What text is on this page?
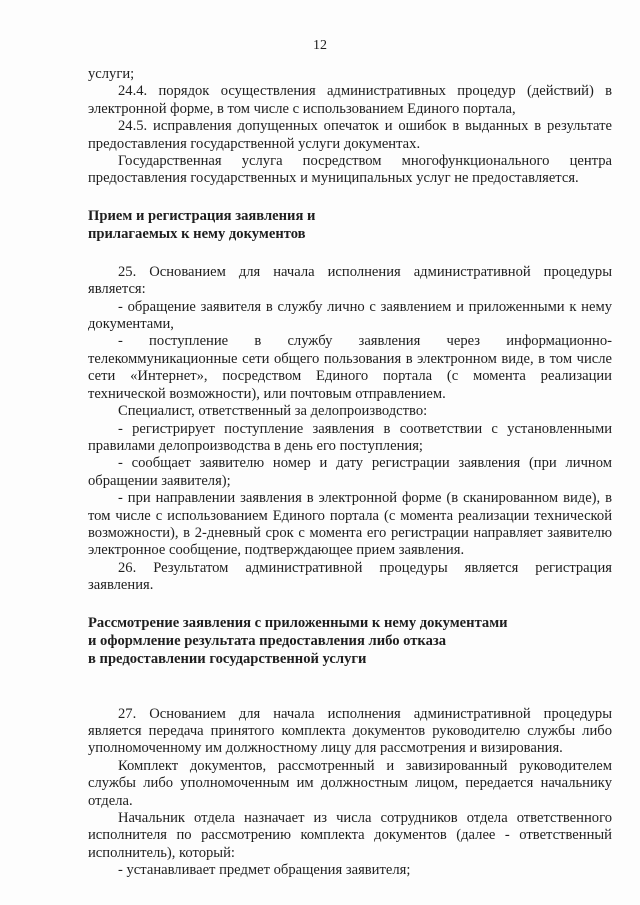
12

услуги;

24.4. порядок осуществления административных процедур (действий) в электронной форме, в том числе с использованием Единого портала,

24.5. исправления допущенных опечаток и ошибок в выданных в результате предоставления государственной услуги документах.

Государственная услуга посредством многофункционального центра предоставления государственных и муниципальных услуг не предоставляется.

Прием и регистрация заявления и

прилагаемых к нему документов

25. Основанием для начала исполнения административной процедуры является:

- обращение заявителя в службу лично с заявлением и приложенными к нему документами,

- поступление в службу заявления через информационно-телекоммуникационные сети общего пользования в электронном виде, в том числе сети «Интернет», посредством Единого портала (с момента реализации технической возможности), или почтовым отправлением.

Специалист, ответственный за делопроизводство:

- регистрирует поступление заявления в соответствии с установленными правилами делопроизводства в день его поступления;

- сообщает заявителю номер и дату регистрации заявления (при личном обращении заявителя);

- при направлении заявления в электронной форме (в сканированном виде), в том числе с использованием Единого портала (с момента реализации технической возможности), в 2-дневный срок с момента его регистрации направляет заявителю электронное сообщение, подтверждающее прием заявления.

26. Результатом административной процедуры является регистрация заявления.

Рассмотрение заявления с приложенными к нему документами

и оформление результата предоставления либо отказа

в предоставлении государственной услуги

27. Основанием для начала исполнения административной процедуры является передача принятого комплекта документов руководителю службы либо уполномоченному им должностному лицу для рассмотрения и визирования.

Комплект документов, рассмотренный и завизированный руководителем службы либо уполномоченным им должностным лицом, передается начальнику отдела.

Начальник отдела назначает из числа сотрудников отдела ответственного исполнителя по рассмотрению комплекта документов (далее - ответственный исполнитель), который:

- устанавливает предмет обращения заявителя;
